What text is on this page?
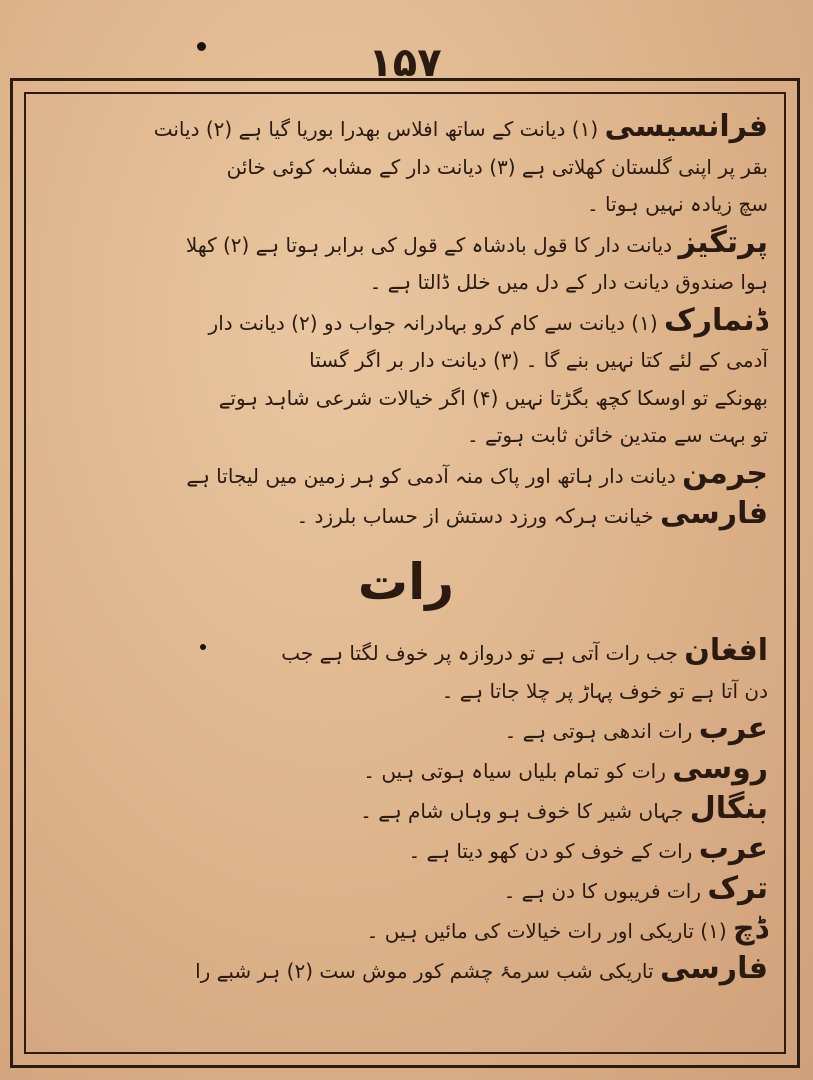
۱۵۷
فرانسیسی (۱) دیانت کے ساتھ افلاس بھدرا بوریا گیا ہے (۲) دیانت
بقر پر اپنی گلستان کھلاتی ہے (۳) دیانت دار کے مشابہ کوئی خائن
سچ زیادہ نہیں ہوتا ۔
پرتگیز دیانت دار کا قول بادشاہ کے قول کی برابر ہوتا ہے (۲) کھلا
ہوا صندوق دیانت دار کے دل میں خلل ڈالتا ہے ۔
ڈنمارک (۱) دیانت سے کام کرو بہادرانہ جواب دو (۲) دیانت دار
آدمی کے لئے کتا نہیں بنے گا ۔ (۳) دیانت دار بر اگر گستا
بھونکے تو اوسکا کچھ بگڑتا نہیں (۴) اگر خیالات شرعی شاہد ہوتے
تو بہت سے متدین خائن ثابت ہوتے ۔
جرمن دیانت دار ہاتھ اور پاک منہ آدمی کو ہر زمین میں لیجاتا ہے
فارسی خیانت ہرکہ ورزد دستش از حساب بلرزد ۔
رات
افغان جب رات آتی ہے تو دروازہ پر خوف لگتا ہے جب
دن آتا ہے تو خوف پہاڑ پر چلا جاتا ہے ۔
عرب رات اندھی ہوتی ہے ۔
روسی رات کو تمام بلیاں سیاہ ہوتی ہیں ۔
بنگال جہاں شیر کا خوف ہو وہاں شام ہے ۔
عرب رات کے خوف کو دن کھو دیتا ہے ۔
ترک رات فریبوں کا دن ہے ۔
ڈچ (۱) تاریکی اور رات خیالات کی مائیں ہیں ۔
فارسی تاریکی شب سرمۂ چشم کور موش ست (۲) ہر شبے را
